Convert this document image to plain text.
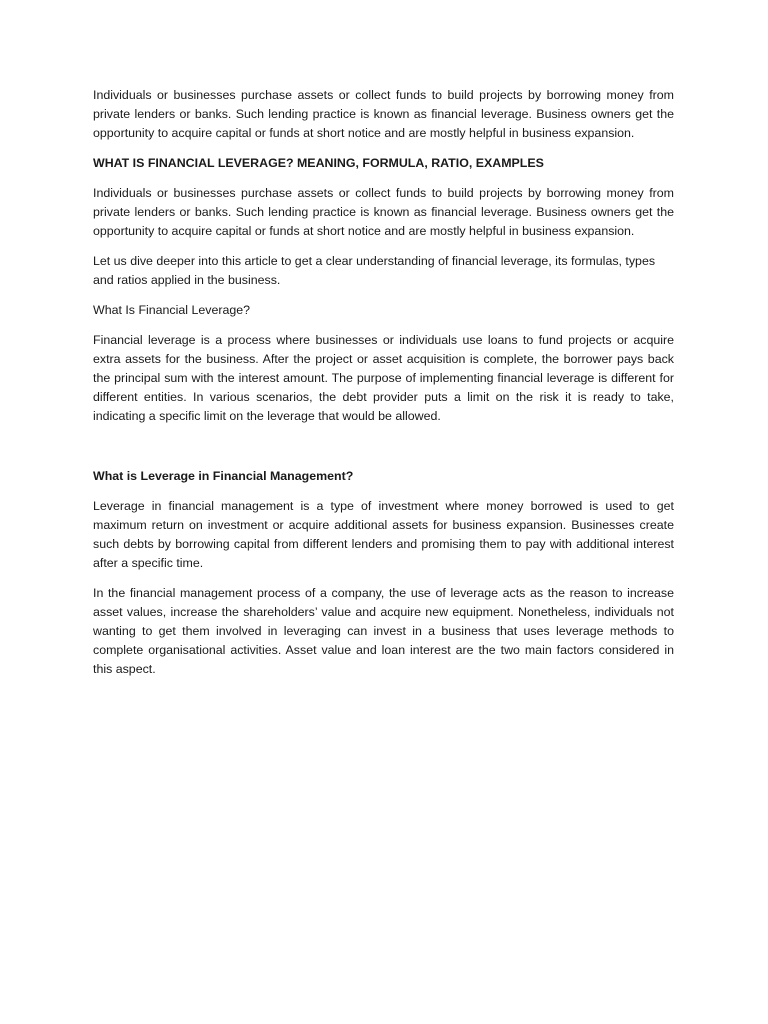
Individuals or businesses purchase assets or collect funds to build projects by borrowing money from private lenders or banks. Such lending practice is known as financial leverage. Business owners get the opportunity to acquire capital or funds at short notice and are mostly helpful in business expansion.

WHAT IS FINANCIAL LEVERAGE? MEANING, FORMULA, RATIO, EXAMPLES

Individuals or businesses purchase assets or collect funds to build projects by borrowing money from private lenders or banks. Such lending practice is known as financial leverage. Business owners get the opportunity to acquire capital or funds at short notice and are mostly helpful in business expansion.

Let us dive deeper into this article to get a clear understanding of financial leverage, its formulas, types and ratios applied in the business.

What Is Financial Leverage?

Financial leverage is a process where businesses or individuals use loans to fund projects or acquire extra assets for the business. After the project or asset acquisition is complete, the borrower pays back the principal sum with the interest amount. The purpose of implementing financial leverage is different for different entities. In various scenarios, the debt provider puts a limit on the risk it is ready to take, indicating a specific limit on the leverage that would be allowed.

What is Leverage in Financial Management?

Leverage in financial management is a type of investment where money borrowed is used to get maximum return on investment or acquire additional assets for business expansion. Businesses create such debts by borrowing capital from different lenders and promising them to pay with additional interest after a specific time.

In the financial management process of a company, the use of leverage acts as the reason to increase asset values, increase the shareholders’ value and acquire new equipment. Nonetheless, individuals not wanting to get them involved in leveraging can invest in a business that uses leverage methods to complete organisational activities. Asset value and loan interest are the two main factors considered in this aspect.
